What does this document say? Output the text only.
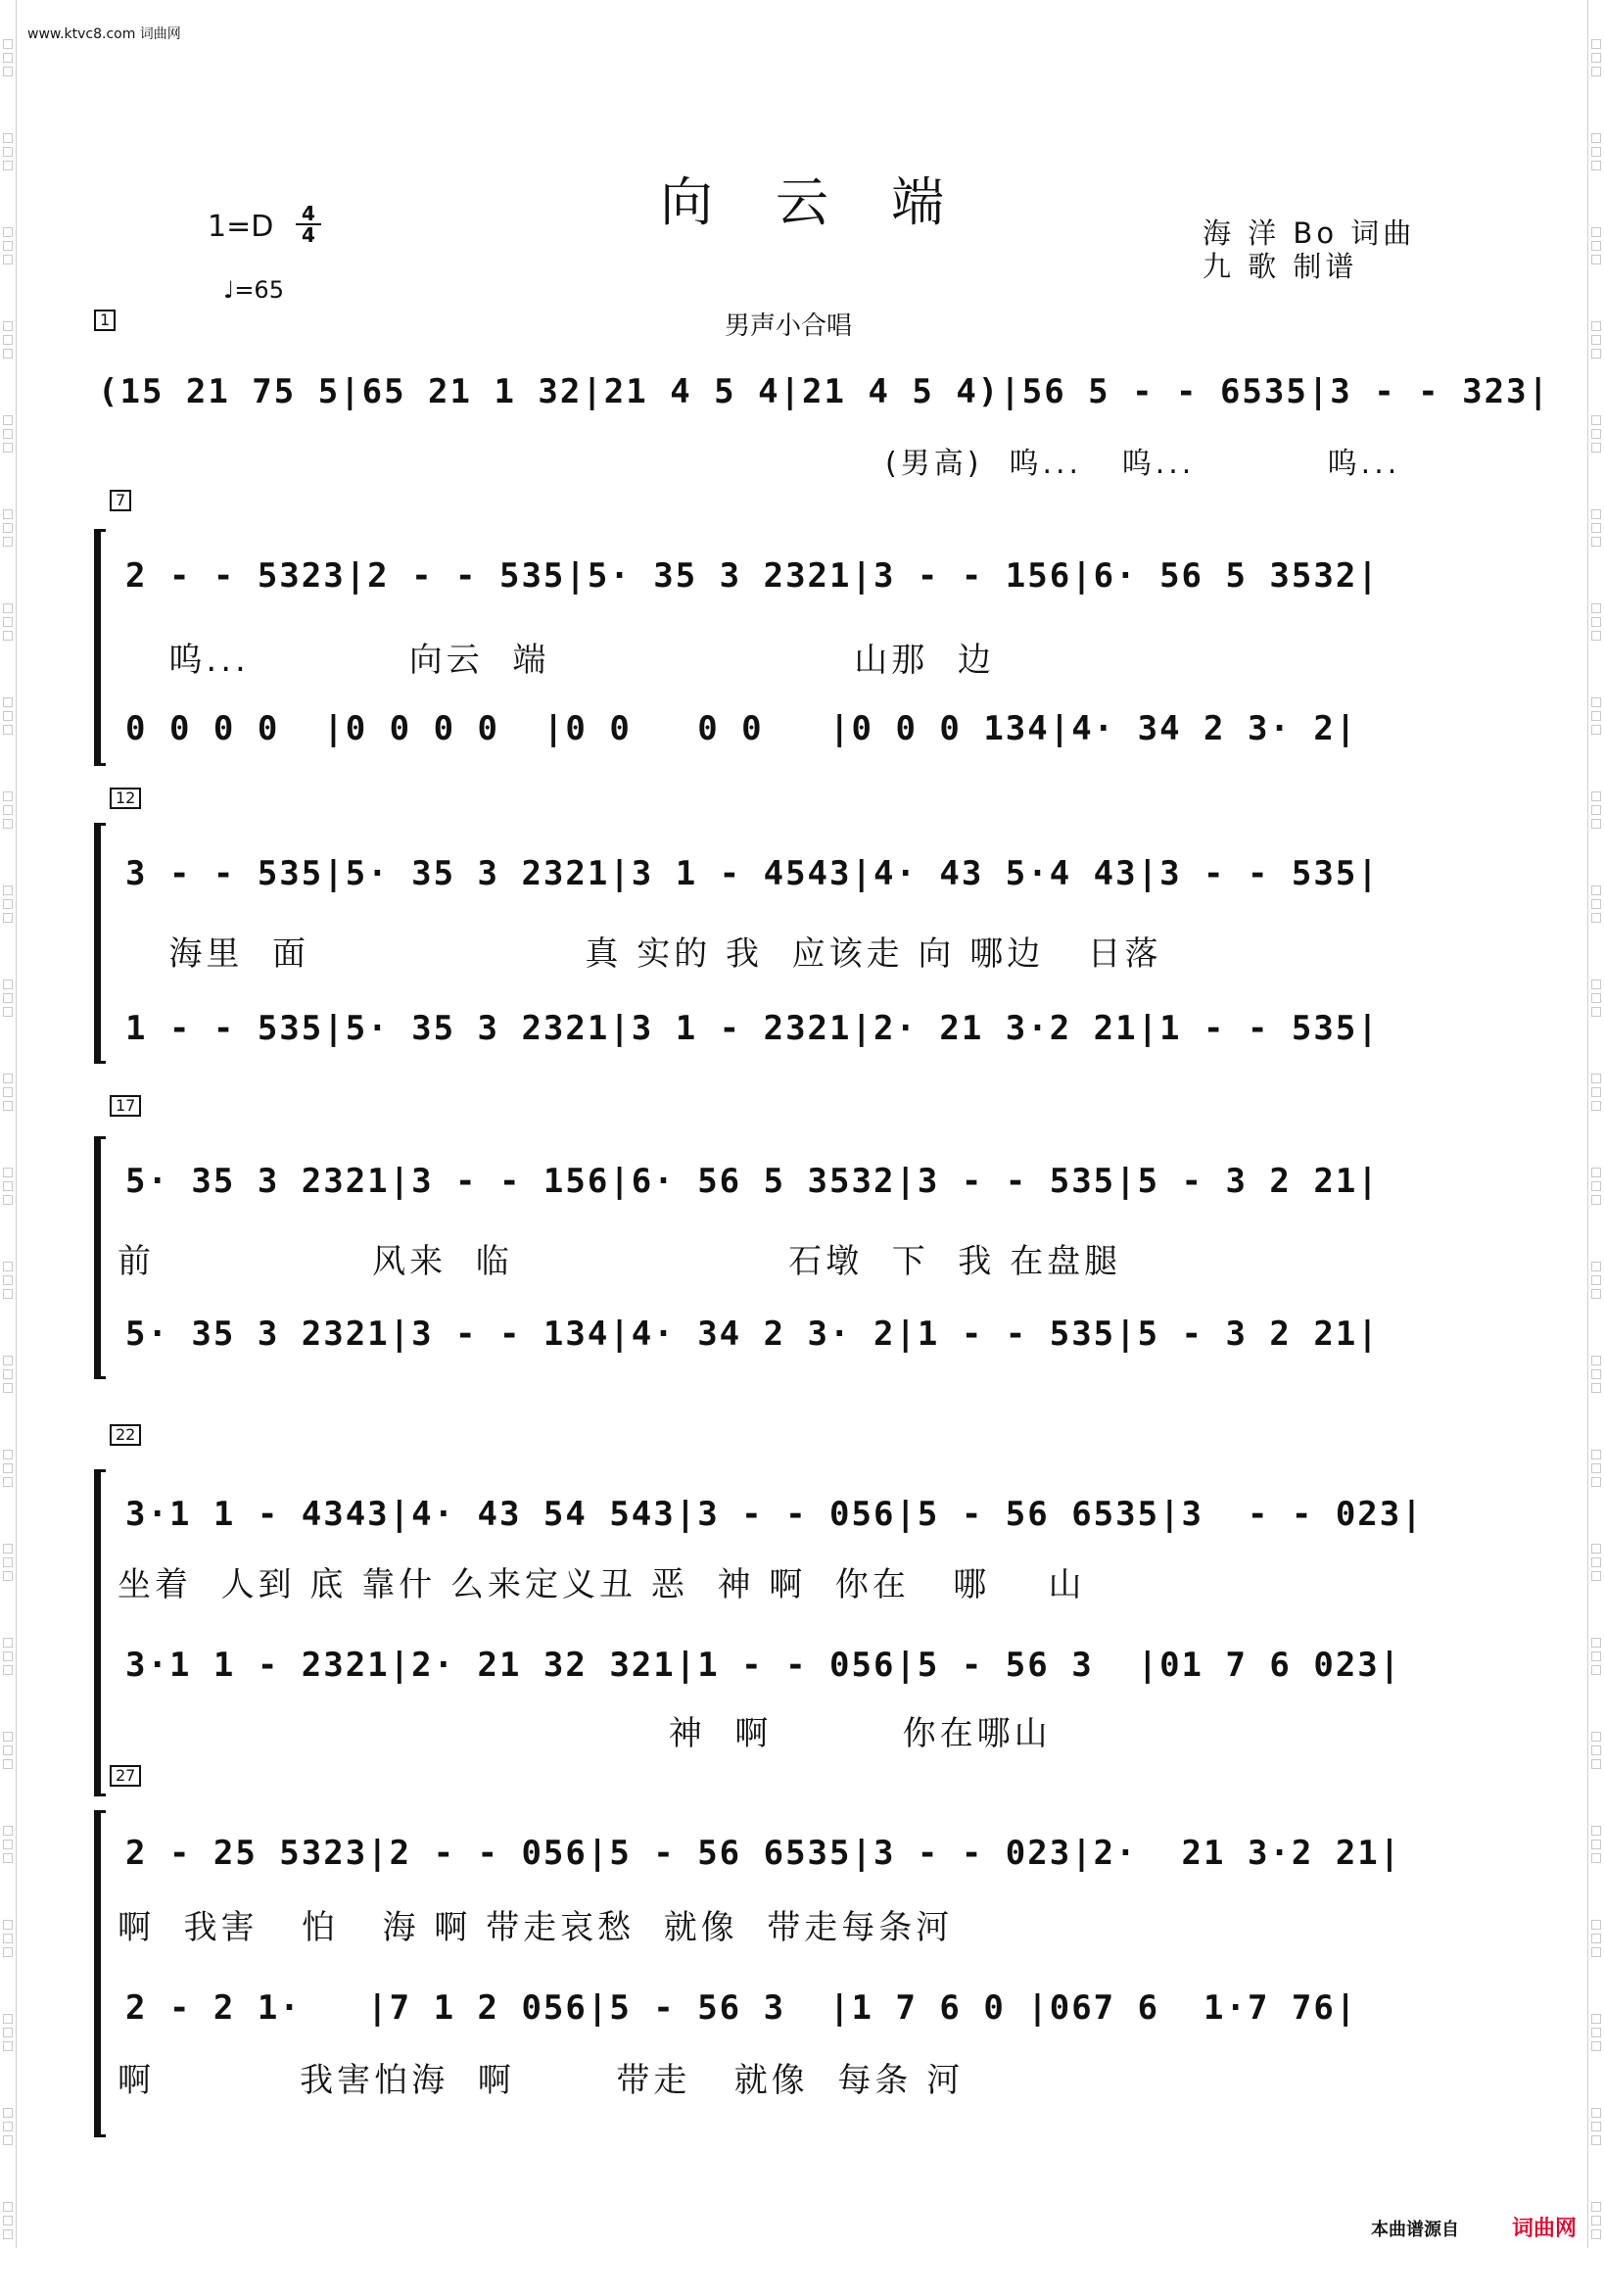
www.ktvc8.com 词曲网
向云端
1=D	4
4
♩=65
海 洋 Bo 词曲
九 歌 制谱
男声小合唱
1
7
12
17
22
27
(15 21 75 5|65 21 1 32|21 4 5 4|21 4 5 4)|56 5 - - 6535|3 - - 323|
(男高)  呜...   呜...          呜...
2 - - 5323|2 - - 535|5· 35 3 2321|3 - - 156|6· 56 5 3532|
呜...           向云  端                     山那  边
0 0 0 0  |0 0 0 0  |0 0   0 0   |0 0 0 134|4· 34 2 3· 2|
3 - - 535|5· 35 3 2321|3 1 - 4543|4· 43 5·4 43|3 - - 535|
海里  面                   真 实的 我  应该走 向 哪边   日落
1 - - 535|5· 35 3 2321|3 1 - 2321|2· 21 3·2 21|1 - - 535|
5· 35 3 2321|3 - - 156|6· 56 5 3532|3 - - 535|5 - 3 2 21|
前               风来  临                   石墩  下  我 在盘腿
5· 35 3 2321|3 - - 134|4· 34 2 3· 2|1 - - 535|5 - 3 2 21|
3·1 1 - 4343|4· 43 54 543|3 - - 056|5 - 56 6535|3  - - 023|
坐着  人到 底 靠什 么来定义丑 恶  神 啊  你在   哪    山
3·1 1 - 2321|2· 21 32 321|1 - - 056|5 - 56 3  |01 7 6 023|
神  啊         你在哪山
2 - 25 5323|2 - - 056|5 - 56 6535|3 - - 023|2·  21 3·2 21|
啊  我害   怕   海 啊 带走哀愁  就像  带走每条河
2 - 2 1·   |7 1 2 056|5 - 56 3  |1 7 6 0 |067 6  1·7 76|
啊          我害怕海  啊       带走   就像  每条 河
本曲谱源自 词曲网
